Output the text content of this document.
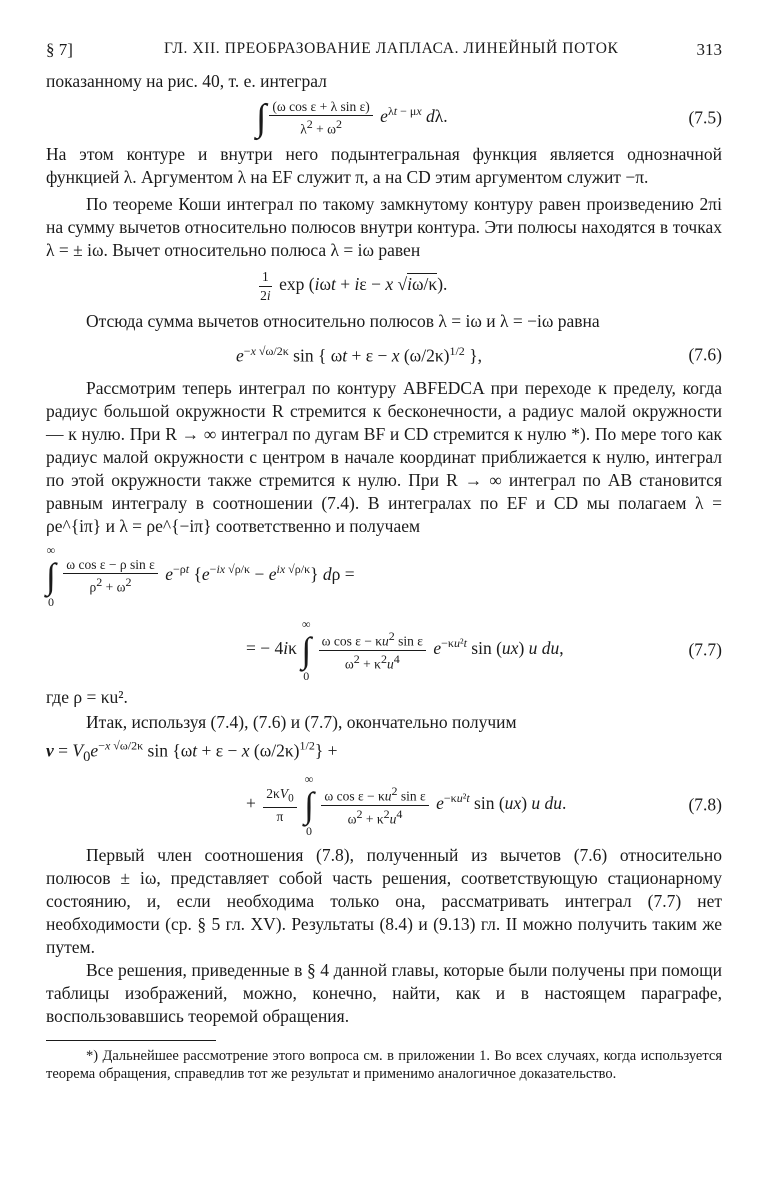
§ 7]	ГЛ. XII. ПРЕОБРАЗОВАНИЕ ЛАПЛАСА. ЛИНЕЙНЫЙ ПОТОК	313

показанному на рис. 40, т. е. интеграл

∫ $\frac{\text{(ω cos ε + λ sin ε)}}{\lambda^2 + \omega^2} e^{\lambda t - \mu x}$ dλ.	(7.5)

На этом контуре и внутри него подынтегральная функция является однозначной функцией λ. Аргументом λ на EF служит π, а на CD этим аргументом служит −π.

По теореме Коши интеграл по такому замкнутому контуру равен произведению 2πi на сумму вычетов относительно полюсов внутри контура. Эти полюсы находятся в точках λ = ± iω. Вычет относительно полюса λ = iω равен

$\frac{1}{2i}$ exp (iωt + iε − x √iω/κ).

Отсюда сумма вычетов относительно полюсов λ = iω и λ = −iω равна

$e^{-x √\omega/2\kappa}$ sin { ωt + ε − x $(\omega/2\kappa)^{1/2}$ },	(7.6)

Рассмотрим теперь интеграл по контуру ABFEDCA при переходе к пределу, когда радиус большой окружности R стремится к бесконечности, а радиус малой окружности — к нулю. При R → ∞ интеграл по дугам BF и CD стремится к нулю *). По мере того как радиус малой окружности с центром в начале координат приближается к нулю, интеграл по этой окружности также стремится к нулю. При R → ∞ интеграл по AB становится равным интегралу в соотношении (7.4). В интегралах по EF и CD мы полагаем λ = ρe^{iπ} и λ = ρe^{−iπ} соответственно и получаем

∞
∫
0

$\frac{\text{ω cos ε − ρ sin ε}}{\rho^2 + \omega^2} e^{-\rho t}$ $\{e^{-ix √\rho/\kappa} - e^{ix √\rho/\kappa}\} d\rho$ =
= − 4iκ
∞
∫
0

$\frac{\omega \cos \varepsilon - \kappa u^2 \sin \varepsilon}{\omega^2 + \kappa^2u^4} e^{-\kappa u^2t}$ sin (ux) u du,	(7.7)

где ρ = κu².

Итак, используя (7.4), (7.6) и (7.7), окончательно получим

$v = V_0e^{-x √\omega/2\kappa}$ sin {ωt + ε − x $(\omega/2\kappa)^{1/2}$} +
+ $\frac{2\kappa V_0}{\pi}$

∞
∫
0

$\frac{\omega \cos \varepsilon - \kappa u^2 \sin \varepsilon}{\omega^2 + \kappa^2u^4} e^{-\kappa u^2t}$ sin (ux) u du.	(7.8)

Первый член соотношения (7.8), полученный из вычетов (7.6) относительно полюсов ± iω, представляет собой часть решения, соответствующую стационарному состоянию, и, если необходима только она, рассматривать интеграл (7.7) нет необходимости (ср. § 5 гл. XV). Результаты (8.4) и (9.13) гл. II можно получить таким же путем.

Все решения, приведенные в § 4 данной главы, которые были получены при помощи таблицы изображений, можно, конечно, найти, как и в настоящем параграфе, воспользовавшись теоремой обращения.

*) Дальнейшее рассмотрение этого вопроса см. в приложении 1. Во всех случаях, когда используется теорема обращения, справедлив тот же результат и применимо аналогичное доказательство.
